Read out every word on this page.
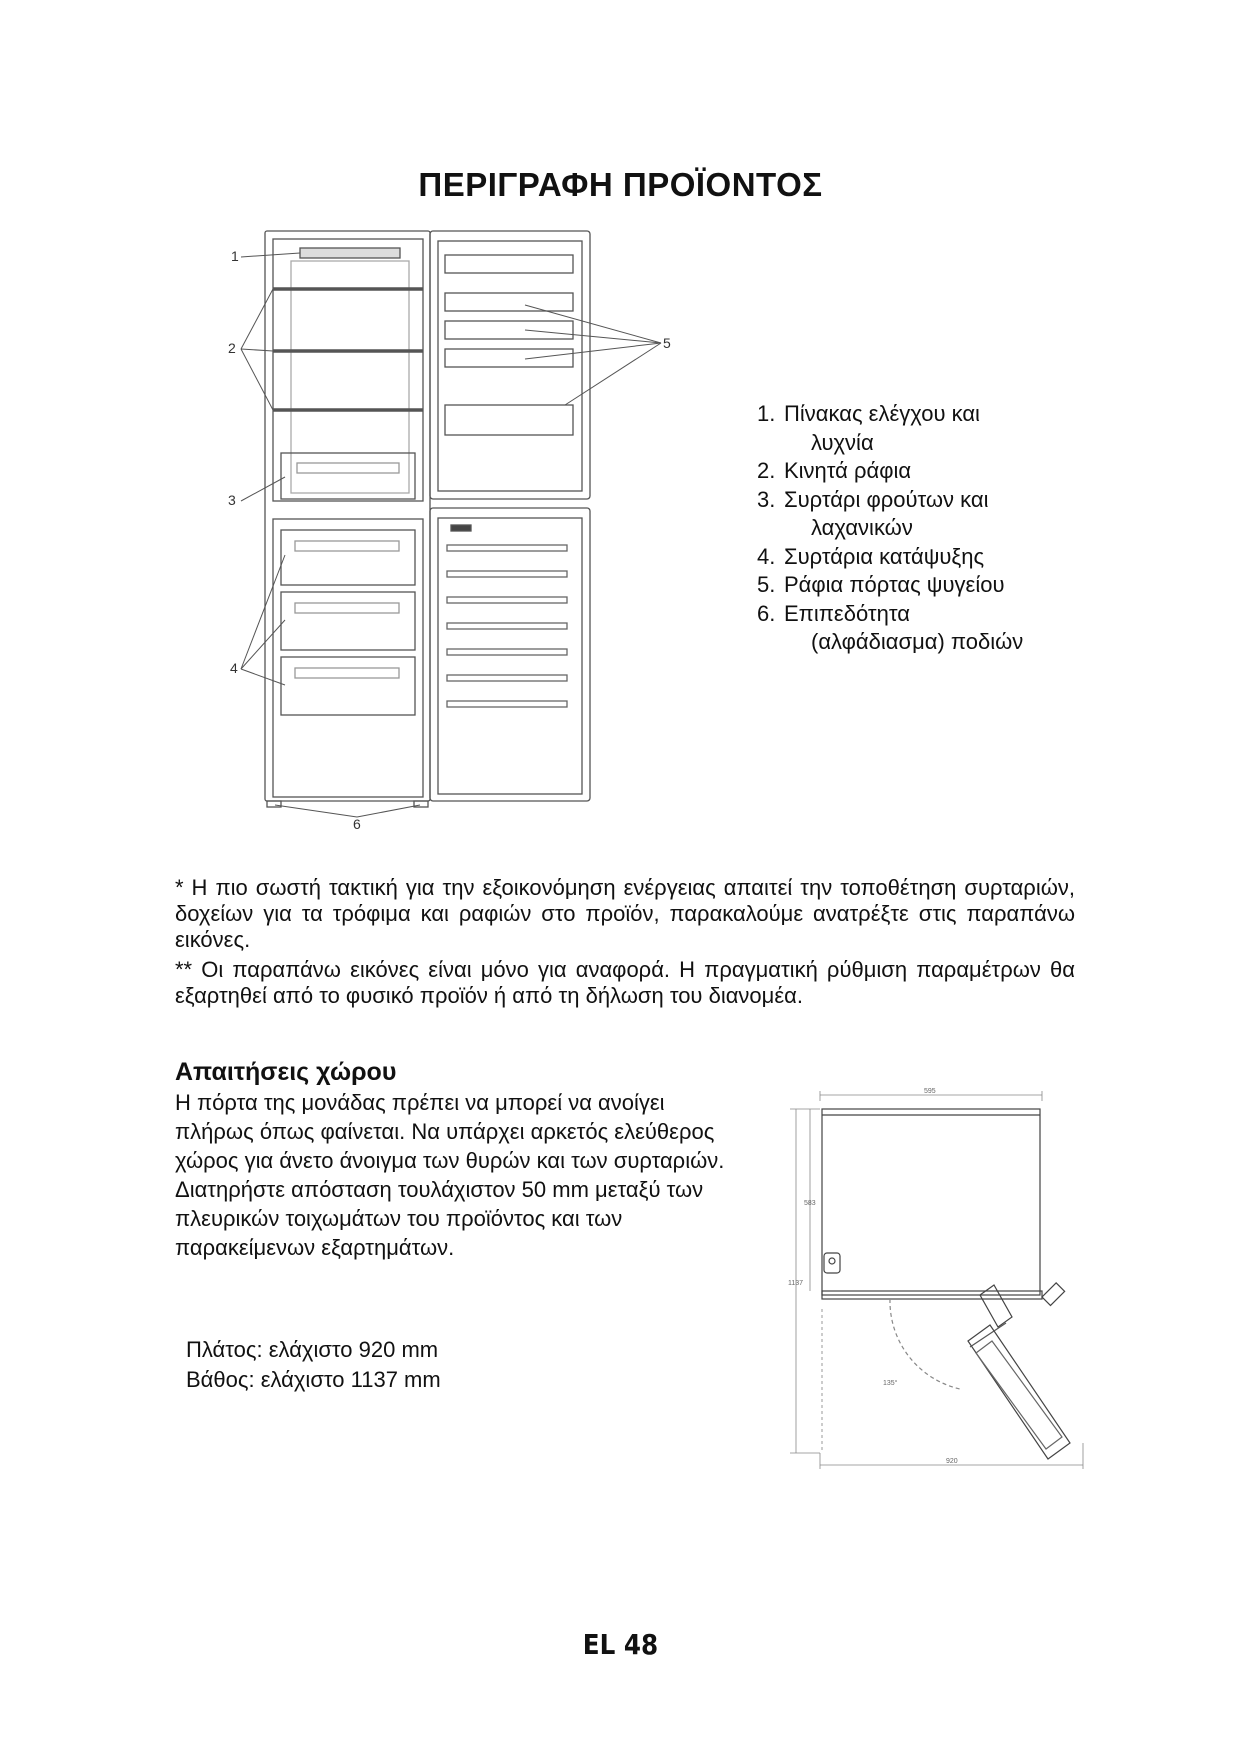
ΠΕΡΙΓΡΑΦΗ ΠΡΟΪΟΝΤΟΣ
1
2
3
4
5
6
1. Πίνακας ελέγχου και
λυχνία
2. Κινητά ράφια
3. Συρτάρι φρούτων και
λαχανικών
4. Συρτάρια κατάψυξης
5. Ράφια πόρτας ψυγείου
6. Επιπεδότητα
(αλφάδιασμα) ποδιών
* Η πιο σωστή τακτική για την εξοικονόμηση ενέργειας απαιτεί την τοποθέτηση συρταριών, δοχείων για τα τρόφιμα και ραφιών στο προϊόν, παρακαλούμε ανατρέξτε στις παραπάνω εικόνες.
** Οι παραπάνω εικόνες είναι μόνο για αναφορά. Η πραγματική ρύθμιση παραμέτρων θα εξαρτηθεί από το φυσικό προϊόν ή από τη δήλωση του διανομέα.
Απαιτήσεις χώρου

Η πόρτα της μονάδας πρέπει να μπορεί να ανοίγει πλήρως όπως φαίνεται. Να υπάρχει αρκετός ελεύθερος χώρος για άνετο άνοιγμα των θυρών και των συρταριών.

Διατηρήστε απόσταση τουλάχιστον 50 mm μεταξύ των πλευρικών τοιχωμάτων του προϊόντος και των παρακείμενων εξαρτημάτων.

Πλάτος: ελάχιστο 920 mm

Βάθος: ελάχιστο 1137 mm

595
583
1137
135°
920
EL 48
